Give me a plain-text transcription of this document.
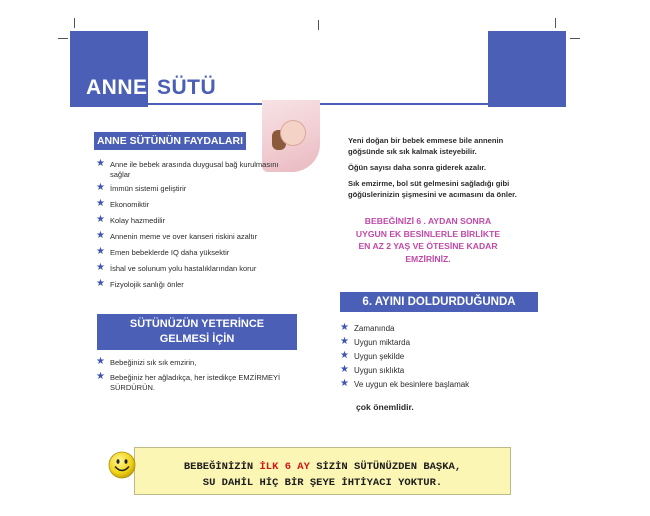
ANNE SÜTÜ
ANNE SÜTÜNÜN FAYDALARI
★ Anne ile bebek arasında duygusal bağ kurulmasını sağlar
★ İmmün sistemi geliştirir
★ Ekonomiktir
★ Kolay hazmedilir
★ Annenin meme ve over kanseri riskini azaltır
★ Emen bebeklerde IQ daha yüksektir
★ İshal ve solunum yolu hastalıklarından korur
★ Fizyolojik sanlığı önler
SÜTÜNÜZÜN YETERİNCE
GELMESİ İÇİN
★ Bebeğinizi sık sık emzirin,
★ Bebeğiniz her ağladıkça, her istedikçe EMZİRMEYİ SÜRDÜRÜN.
Yeni doğan bir bebek emmese bile annenin göğsünde sık sık kalmak isteyebilir.
Öğün sayısı daha sonra giderek azalır.
Sık emzirme, bol süt gelmesini sağladığı gibi göğüslerinizin şişmesini ve acımasını da önler.
BEBEĞİNİZİ 6 . AYDAN SONRA
UYGUN EK BESİNLERLE BİRLİKTE
EN AZ 2 YAŞ VE ÖTESİNE KADAR
EMZİRİNİZ.
6. AYINI DOLDURDUĞUNDA
★ Zamanında
★ Uygun miktarda
★ Uygun şekilde
★ Uygun sıklıkta
★ Ve uygun ek besinlere başlamak
çok önemlidir.
BEBEĞİNİZİN İLK 6 AY SİZİN SÜTÜNÜZDEN BAŞKA,
SU DAHİL HİÇ BİR ŞEYE İHTİYACI YOKTUR.
